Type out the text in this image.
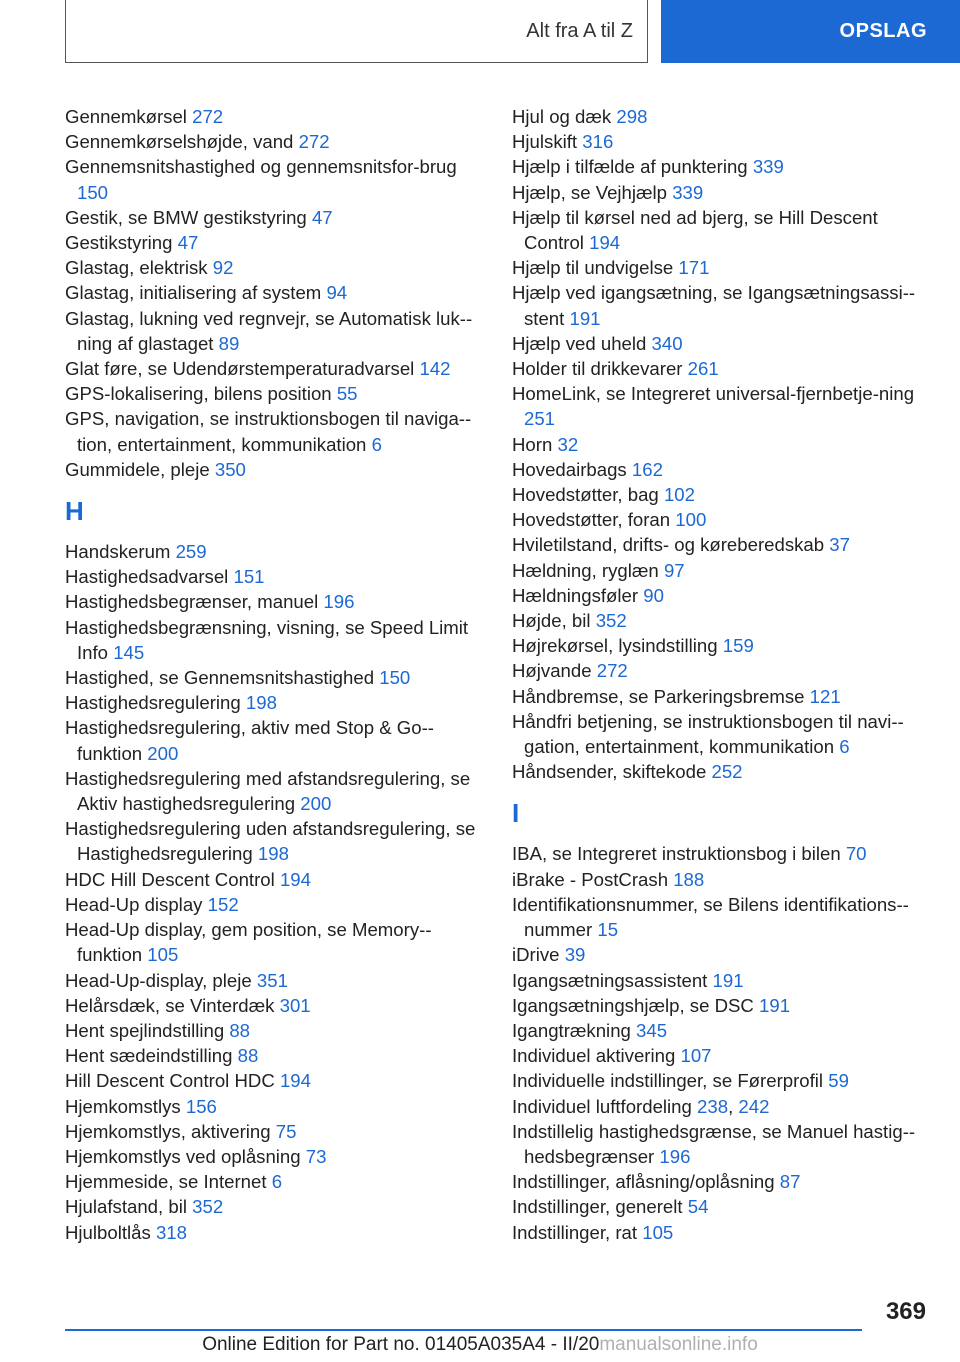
Alt fra A til Z	OPSLAG
Gennemkørsel 272
Gennemkørselshøjde, vand 272
Gennemsnitshastighed og gennemsnitsfor-brug 150
Gestik, se BMW gestikstyring 47
Gestikstyring 47
Glastag, elektrisk 92
Glastag, initialisering af system 94
Glastag, lukning ved regnvejr, se Automatisk luk-ning af glastaget 89
Glat føre, se Udendørstemperaturadvarsel 142
GPS-lokalisering, bilens position 55
GPS, navigation, se instruktionsbogen til naviga-tion, entertainment, kommunikation 6
Gummidele, pleje 350
H
Handskerum 259
Hastighedsadvarsel 151
Hastighedsbegrænser, manuel 196
Hastighedsbegrænsning, visning, se Speed Limit Info 145
Hastighed, se Gennemsnitshastighed 150
Hastighedsregulering 198
Hastighedsregulering, aktiv med Stop & Go-funktion 200
Hastighedsregulering med afstandsregulering, se Aktiv hastighedsregulering 200
Hastighedsregulering uden afstandsregulering, se Hastighedsregulering 198
HDC Hill Descent Control 194
Head-Up display 152
Head-Up display, gem position, se Memory-funktion 105
Head-Up-display, pleje 351
Helårsdæk, se Vinterdæk 301
Hent spejlindstilling 88
Hent sædeindstilling 88
Hill Descent Control HDC 194
Hjemkomstlys 156
Hjemkomstlys, aktivering 75
Hjemkomstlys ved oplåsning 73
Hjemmeside, se Internet 6
Hjulafstand, bil 352
Hjulboltlås 318
Hjul og dæk 298
Hjulskift 316
Hjælp i tilfælde af punktering 339
Hjælp, se Vejhjælp 339
Hjælp til kørsel ned ad bjerg, se Hill Descent Control 194
Hjælp til undvigelse 171
Hjælp ved igangsætning, se Igangsætningsassi-stent 191
Hjælp ved uheld 340
Holder til drikkevarer 261
HomeLink, se Integreret universal-fjernbetje-ning 251
Horn 32
Hovedairbags 162
Hovedstøtter, bag 102
Hovedstøtter, foran 100
Hviletilstand, drifts- og køreberedskab 37
Hældning, ryglæn 97
Hældningsføler 90
Højde, bil 352
Højrekørsel, lysindstilling 159
Højvande 272
Håndbremse, se Parkeringsbremse 121
Håndfri betjening, se instruktionsbogen til navi-gation, entertainment, kommunikation 6
Håndsender, skiftekode 252
I
IBA, se Integreret instruktionsbog i bilen 70
iBrake - PostCrash 188
Identifikationsnummer, se Bilens identifikations-nummer 15
iDrive 39
Igangsætningsassistent 191
Igangsætningshjælp, se DSC 191
Igangtrækning 345
Individuel aktivering 107
Individuelle indstillinger, se Førerprofil 59
Individuel luftfordeling 238, 242
Indstillelig hastighedsgrænse, se Manuel hastig-hedsbegrænser 196
Indstillinger, aflåsning/oplåsning 87
Indstillinger, generelt 54
Indstillinger, rat 105
369
Online Edition for Part no. 01405A035A4 - II/20manualsonline.info
